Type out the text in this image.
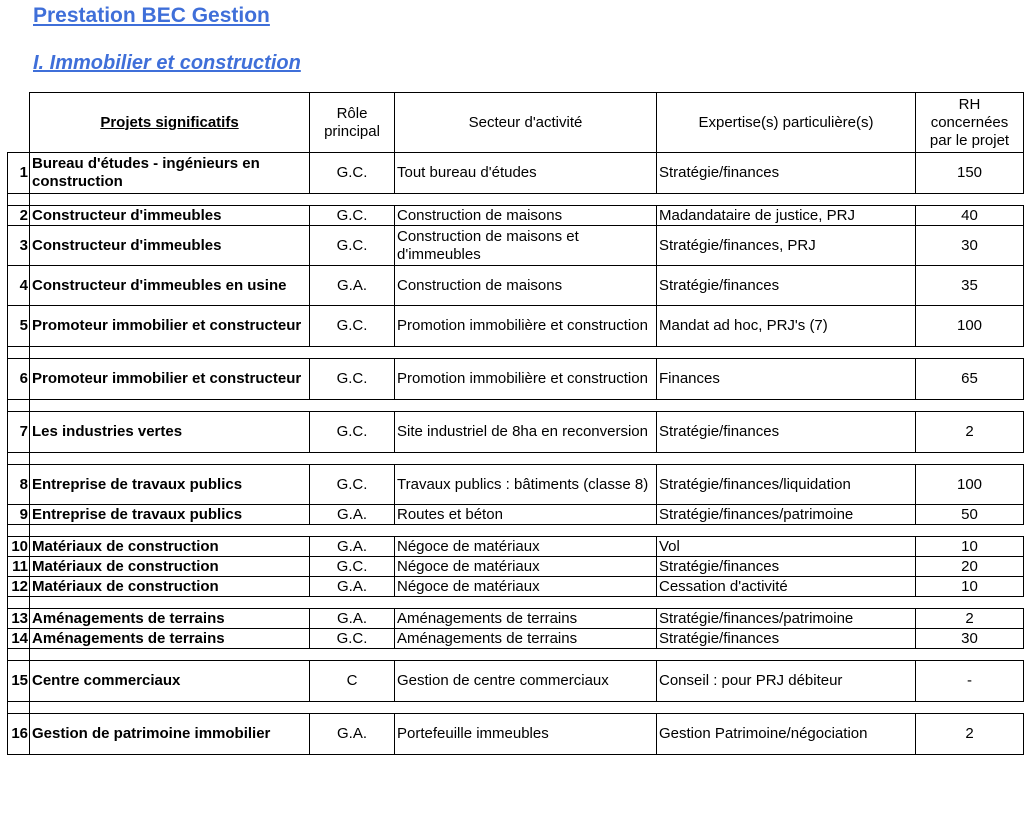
Prestation BEC Gestion
I. Immobilier et construction
	Projets significatifs	Rôle principal	Secteur d'activité	Expertise(s) particulière(s)	RH concernées par le projet
1	Bureau d'études - ingénieurs en construction	G.C.	Tout bureau d'études	Stratégie/finances	150

2	Constructeur d'immeubles	G.C.	Construction de maisons	Madandataire de justice, PRJ	40
3	Constructeur d'immeubles	G.C.	Construction de maisons et d'immeubles	Stratégie/finances, PRJ	30
4	Constructeur d'immeubles en usine	G.A.	Construction de maisons	Stratégie/finances	35
5	Promoteur immobilier et constructeur	G.C.	Promotion immobilière et construction	Mandat ad hoc, PRJ's (7)	100

6	Promoteur immobilier et constructeur	G.C.	Promotion immobilière et construction	Finances	65

7	Les industries vertes	G.C.	Site industriel de 8ha en reconversion	Stratégie/finances	2

8	Entreprise de travaux publics	G.C.	Travaux publics : bâtiments (classe 8)	Stratégie/finances/liquidation	100
9	Entreprise de travaux publics	G.A.	Routes et béton	Stratégie/finances/patrimoine	50

10	Matériaux de construction	G.A.	Négoce de matériaux	Vol	10
11	Matériaux de construction	G.C.	Négoce de matériaux	Stratégie/finances	20
12	Matériaux de construction	G.A.	Négoce de matériaux	Cessation d'activité	10

13	Aménagements de terrains	G.A.	Aménagements de terrains	Stratégie/finances/patrimoine	2
14	Aménagements de terrains	G.C.	Aménagements de terrains	Stratégie/finances	30

15	Centre commerciaux	C	Gestion de centre commerciaux	Conseil : pour PRJ débiteur	-

16	Gestion de patrimoine immobilier	G.A.	Portefeuille immeubles	Gestion Patrimoine/négociation	2
